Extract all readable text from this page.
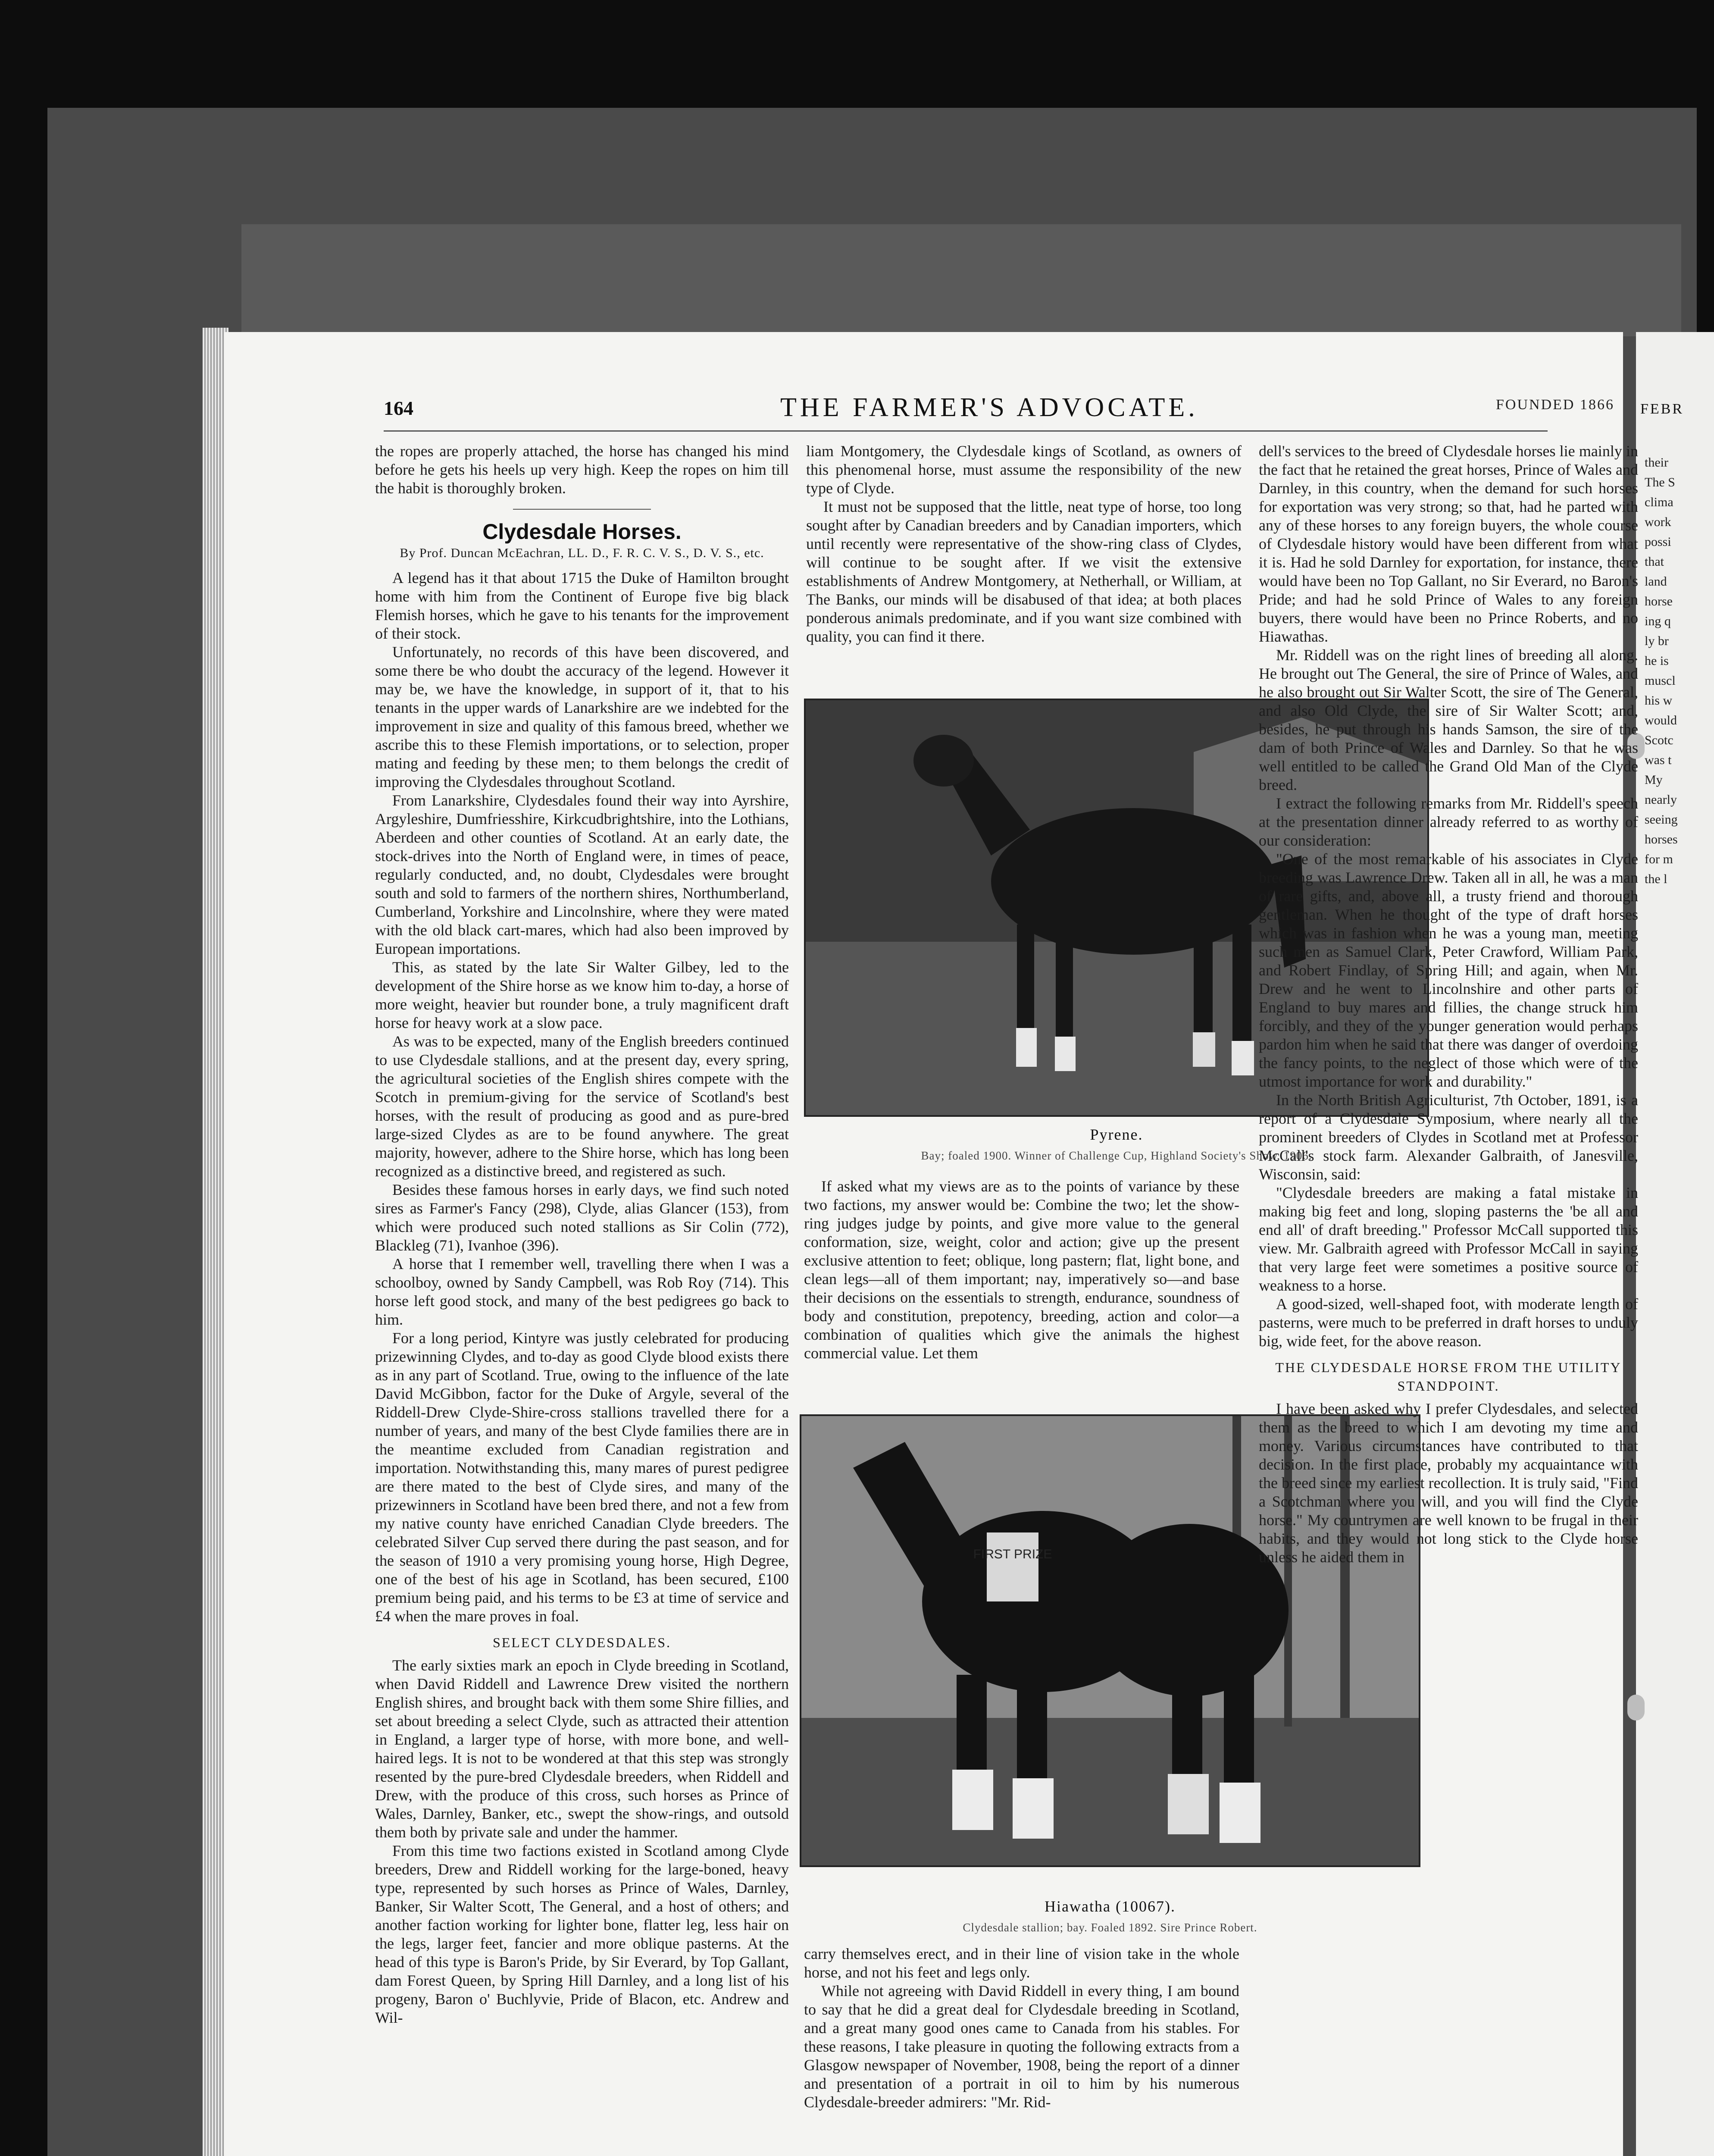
FEBR
their
The S
clima
work
possi
that
land
horse
ing q
ly br
he is
muscl
his w
would
Scotc
was t
My
nearly
seeing
horses
for m
the l
164	THE FARMER'S ADVOCATE.	FOUNDED 1866

the ropes are properly attached, the horse has changed his mind before he gets his heels up very high. Keep the ropes on him till the habit is thoroughly broken.

Clydesdale Horses.
By Prof. Duncan McEachran, LL. D., F. R. C. V. S., D. V. S., etc.

A legend has it that about 1715 the Duke of Hamilton brought home with him from the Continent of Europe five big black Flemish horses, which he gave to his tenants for the improvement of their stock.

Unfortunately, no records of this have been discovered, and some there be who doubt the accuracy of the legend. However it may be, we have the knowledge, in support of it, that to his tenants in the upper wards of Lanarkshire are we indebted for the improvement in size and quality of this famous breed, whether we ascribe this to these Flemish importations, or to selection, proper mating and feeding by these men; to them belongs the credit of improving the Clydesdales throughout Scotland.

From Lanarkshire, Clydesdales found their way into Ayrshire, Argyleshire, Dumfriesshire, Kirkcudbrightshire, into the Lothians, Aberdeen and other counties of Scotland. At an early date, the stock-drives into the North of England were, in times of peace, regularly conducted, and, no doubt, Clydesdales were brought south and sold to farmers of the northern shires, Northumberland, Cumberland, Yorkshire and Lincolnshire, where they were mated with the old black cart-mares, which had also been improved by European importations.

This, as stated by the late Sir Walter Gilbey, led to the development of the Shire horse as we know him to-day, a horse of more weight, heavier but rounder bone, a truly magnificent draft horse for heavy work at a slow pace.

As was to be expected, many of the English breeders continued to use Clydesdale stallions, and at the present day, every spring, the agricultural societies of the English shires compete with the Scotch in premium-giving for the service of Scotland's best horses, with the result of producing as good and as pure-bred large-sized Clydes as are to be found anywhere. The great majority, however, adhere to the Shire horse, which has long been recognized as a distinctive breed, and registered as such.

Besides these famous horses in early days, we find such noted sires as Farmer's Fancy (298), Clyde, alias Glancer (153), from which were produced such noted stallions as Sir Colin (772), Blackleg (71), Ivanhoe (396).

A horse that I remember well, travelling there when I was a schoolboy, owned by Sandy Campbell, was Rob Roy (714). This horse left good stock, and many of the best pedigrees go back to him.

For a long period, Kintyre was justly celebrated for producing prizewinning Clydes, and to-day as good Clyde blood exists there as in any part of Scotland. True, owing to the influence of the late David McGibbon, factor for the Duke of Argyle, several of the Riddell-Drew Clyde-Shire-cross stallions travelled there for a number of years, and many of the best Clyde families there are in the meantime excluded from Canadian registration and importation. Notwithstanding this, many mares of purest pedigree are there mated to the best of Clyde sires, and many of the prizewinners in Scotland have been bred there, and not a few from my native county have enriched Canadian Clyde breeders. The celebrated Silver Cup served there during the past season, and for the season of 1910 a very promising young horse, High Degree, one of the best of his age in Scotland, has been secured, £100 premium being paid, and his terms to be £3 at time of service and £4 when the mare proves in foal.

SELECT CLYDESDALES.

The early sixties mark an epoch in Clyde breeding in Scotland, when David Riddell and Lawrence Drew visited the northern English shires, and brought back with them some Shire fillies, and set about breeding a select Clyde, such as attracted their attention in England, a larger type of horse, with more bone, and well-haired legs. It is not to be wondered at that this step was strongly resented by the pure-bred Clydesdale breeders, when Riddell and Drew, with the produce of this cross, such horses as Prince of Wales, Darnley, Banker, etc., swept the show-rings, and outsold them both by private sale and under the hammer.

From this time two factions existed in Scotland among Clyde breeders, Drew and Riddell working for the large-boned, heavy type, represented by such horses as Prince of Wales, Darnley, Banker, Sir Walter Scott, The General, and a host of others; and another faction working for lighter bone, flatter leg, less hair on the legs, larger feet, fancier and more oblique pasterns. At the head of this type is Baron's Pride, by Sir Everard, by Top Gallant, dam Forest Queen, by Spring Hill Darnley, and a long list of his progeny, Baron o' Buchlyvie, Pride of Blacon, etc. Andrew and Wil-

liam Montgomery, the Clydesdale kings of Scotland, as owners of this phenomenal horse, must assume the responsibility of the new type of Clyde.

It must not be supposed that the little, neat type of horse, too long sought after by Canadian breeders and by Canadian importers, which until recently were representative of the show-ring class of Clydes, will continue to be sought after. If we visit the extensive establishments of Andrew Montgomery, at Netherhall, or William, at The Banks, our minds will be disabused of that idea; at both places ponderous animals predominate, and if you want size combined with quality, you can find it there.

Pyrene.
Bay; foaled 1900. Winner of Challenge Cup, Highland Society's Show, 1906.

If asked what my views are as to the points of variance by these two factions, my answer would be: Combine the two; let the show-ring judges judge by points, and give more value to the general conformation, size, weight, color and action; give up the present exclusive attention to feet; oblique, long pastern; flat, light bone, and clean legs—all of them important; nay, imperatively so—and base their decisions on the essentials to strength, endurance, soundness of body and constitution, prepotency, breeding, action and color—a combination of qualities which give the animals the highest commercial value. Let them

FIRST PRIZE
Hiawatha (10067).
Clydesdale stallion; bay. Foaled 1892. Sire Prince Robert.

carry themselves erect, and in their line of vision take in the whole horse, and not his feet and legs only.

While not agreeing with David Riddell in every thing, I am bound to say that he did a great deal for Clydesdale breeding in Scotland, and a great many good ones came to Canada from his stables. For these reasons, I take pleasure in quoting the following extracts from a Glasgow newspaper of November, 1908, being the report of a dinner and presentation of a portrait in oil to him by his numerous Clydesdale-breeder admirers: "Mr. Rid-

dell's services to the breed of Clydesdale horses lie mainly in the fact that he retained the great horses, Prince of Wales and Darnley, in this country, when the demand for such horses for exportation was very strong; so that, had he parted with any of these horses to any foreign buyers, the whole course of Clydesdale history would have been different from what it is. Had he sold Darnley for exportation, for instance, there would have been no Top Gallant, no Sir Everard, no Baron's Pride; and had he sold Prince of Wales to any foreign buyers, there would have been no Prince Roberts, and no Hiawathas.

Mr. Riddell was on the right lines of breeding all along. He brought out The General, the sire of Prince of Wales, and he also brought out Sir Walter Scott, the sire of The General, and also Old Clyde, the sire of Sir Walter Scott; and, besides, he put through his hands Samson, the sire of the dam of both Prince of Wales and Darnley. So that he was well entitled to be called the Grand Old Man of the Clyde breed.

I extract the following remarks from Mr. Riddell's speech at the presentation dinner already referred to as worthy of our consideration:

"One of the most remarkable of his associates in Clyde breeding was Lawrence Drew. Taken all in all, he was a man of rare gifts, and, above all, a trusty friend and thorough gentleman. When he thought of the type of draft horses which was in fashion when he was a young man, meeting such men as Samuel Clark, Peter Crawford, William Park, and Robert Findlay, of Spring Hill; and again, when Mr. Drew and he went to Lincolnshire and other parts of England to buy mares and fillies, the change struck him forcibly, and they of the younger generation would perhaps pardon him when he said that there was danger of overdoing the fancy points, to the neglect of those which were of the utmost importance for work and durability."

In the North British Agriculturist, 7th October, 1891, is a report of a Clydesdale Symposium, where nearly all the prominent breeders of Clydes in Scotland met at Professor McCall's stock farm. Alexander Galbraith, of Janesville, Wisconsin, said:

"Clydesdale breeders are making a fatal mistake in making big feet and long, sloping pasterns the 'be all and end all' of draft breeding." Professor McCall supported this view. Mr. Galbraith agreed with Professor McCall in saying that very large feet were sometimes a positive source of weakness to a horse.

A good-sized, well-shaped foot, with moderate length of pasterns, were much to be preferred in draft horses to unduly big, wide feet, for the above reason.

THE CLYDESDALE HORSE FROM THE UTILITY STANDPOINT.

I have been asked why I prefer Clydesdales, and selected them as the breed to which I am devoting my time and money. Various circumstances have contributed to that decision. In the first place, probably my acquaintance with the breed since my earliest recollection. It is truly said, "Find a Scotchman where you will, and you will find the Clyde horse." My countrymen are well known to be frugal in their habits, and they would not long stick to the Clyde horse unless he aided them in
